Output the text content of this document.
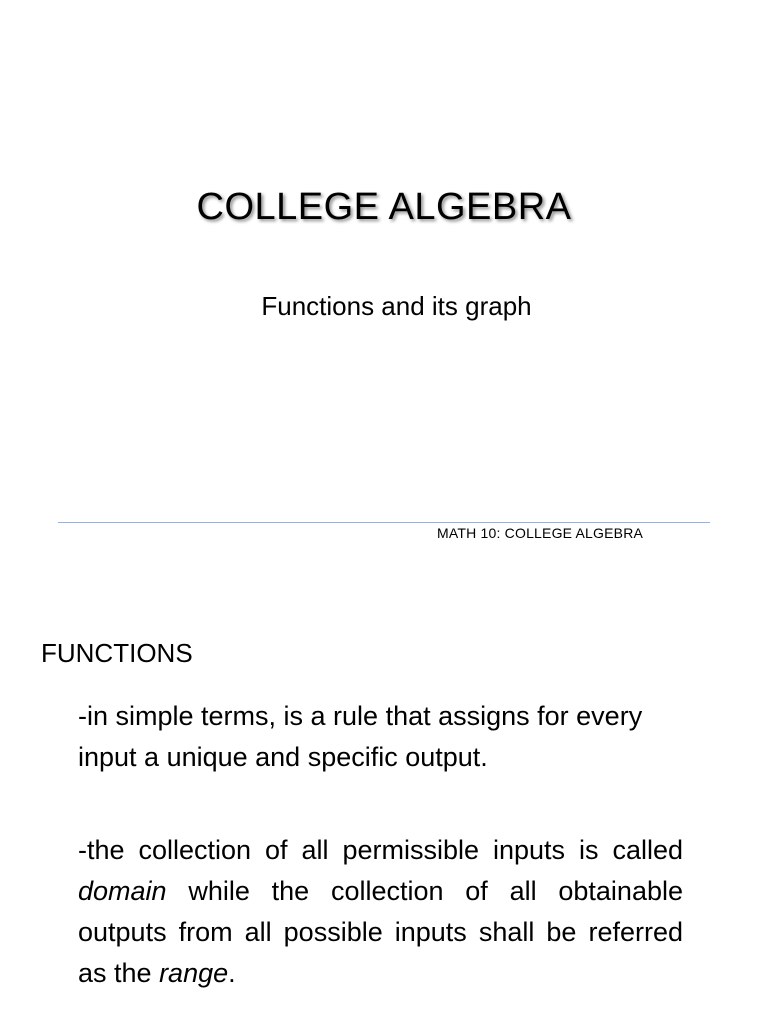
COLLEGE ALGEBRA
Functions and its graph
MATH 10: COLLEGE ALGEBRA
FUNCTIONS

-in simple terms, is a rule that assigns for every input a unique and specific output.

-the collection of all permissible inputs is called domain while the collection of all obtainable outputs from all possible inputs shall be referred as the range.
